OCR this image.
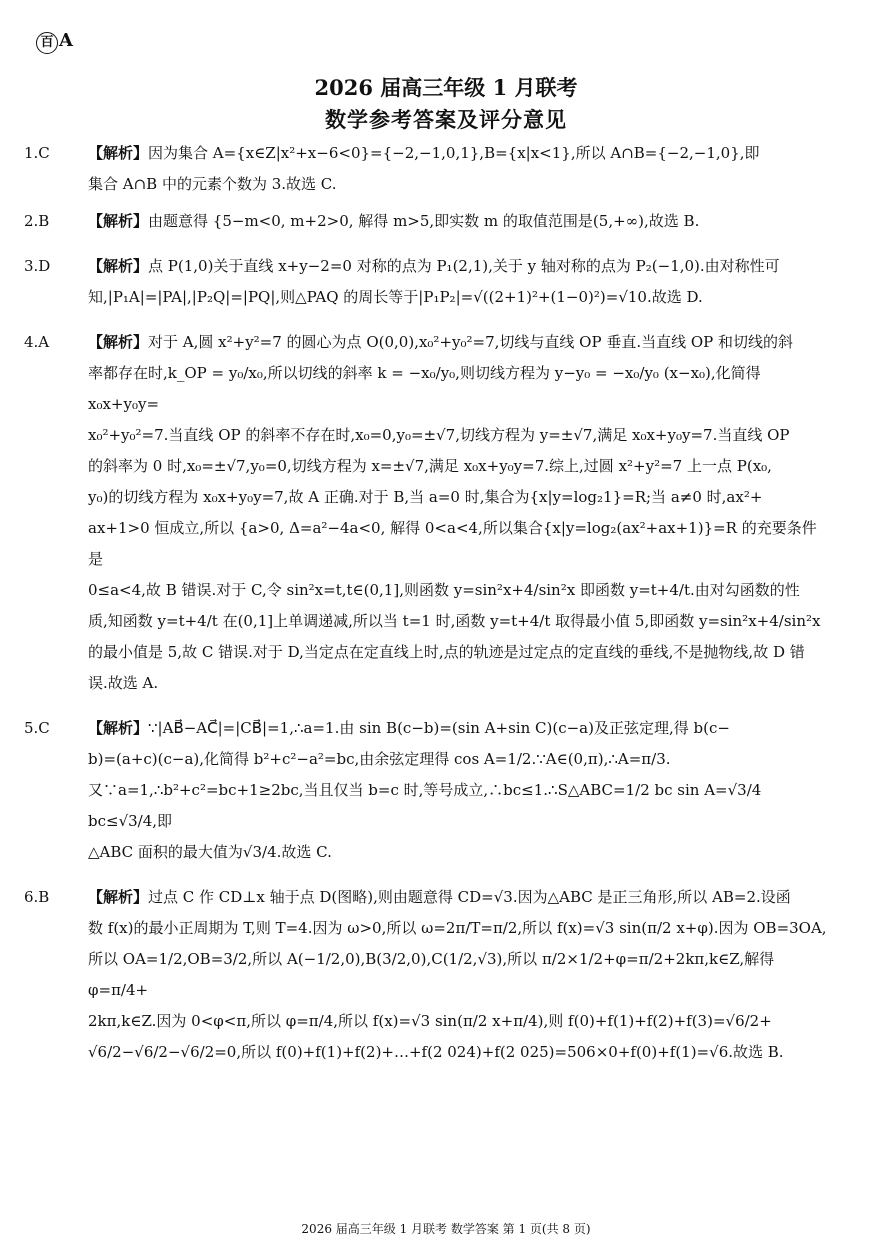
百 A
2026 届高三年级 1 月联考
数学参考答案及评分意见
1.C	【解析】因为集合 A={x∈Z|x²+x−6<0}={−2,−1,0,1},B={x|x<1},所以 A∩B={−2,−1,0},即

集合 A∩B 中的元素个数为 3.故选 C.

2.B	【解析】由题意得 {5−m<0, m+2>0, 解得 m>5,即实数 m 的取值范围是(5,+∞),故选 B.

3.D	【解析】点 P(1,0)关于直线 x+y−2=0 对称的点为 P₁(2,1),关于 y 轴对称的点为 P₂(−1,0).由对称性可

知,|P₁A|=|PA|,|P₂Q|=|PQ|,则△PAQ 的周长等于|P₁P₂|=√((2+1)²+(1−0)²)=√10.故选 D.

4.A	【解析】对于 A,圆 x²+y²=7 的圆心为点 O(0,0),x₀²+y₀²=7,切线与直线 OP 垂直.当直线 OP 和切线的斜

率都存在时,k_OP = y₀/x₀,所以切线的斜率 k = −x₀/y₀,则切线方程为 y−y₀ = −x₀/y₀ (x−x₀),化简得 x₀x+y₀y=

x₀²+y₀²=7.当直线 OP 的斜率不存在时,x₀=0,y₀=±√7,切线方程为 y=±√7,满足 x₀x+y₀y=7.当直线 OP

的斜率为 0 时,x₀=±√7,y₀=0,切线方程为 x=±√7,满足 x₀x+y₀y=7.综上,过圆 x²+y²=7 上一点 P(x₀,

y₀)的切线方程为 x₀x+y₀y=7,故 A 正确.对于 B,当 a=0 时,集合为{x|y=log₂1}=R;当 a≠0 时,ax²+

ax+1>0 恒成立,所以 {a>0, Δ=a²−4a<0, 解得 0<a<4,所以集合{x|y=log₂(ax²+ax+1)}=R 的充要条件是

0≤a<4,故 B 错误.对于 C,令 sin²x=t,t∈(0,1],则函数 y=sin²x+4/sin²x 即函数 y=t+4/t.由对勾函数的性

质,知函数 y=t+4/t 在(0,1]上单调递减,所以当 t=1 时,函数 y=t+4/t 取得最小值 5,即函数 y=sin²x+4/sin²x

的最小值是 5,故 C 错误.对于 D,当定点在定直线上时,点的轨迹是过定点的定直线的垂线,不是抛物线,故 D 错

误.故选 A.

5.C	【解析】∵|AB⃗−AC⃗|=|CB⃗|=1,∴a=1.由 sin B(c−b)=(sin A+sin C)(c−a)及正弦定理,得 b(c−

b)=(a+c)(c−a),化简得 b²+c²−a²=bc,由余弦定理得 cos A=1/2.∵A∈(0,π),∴A=π/3.

又∵a=1,∴b²+c²=bc+1≥2bc,当且仅当 b=c 时,等号成立,∴bc≤1.∴S△ABC=1/2 bc sin A=√3/4 bc≤√3/4,即

△ABC 面积的最大值为√3/4.故选 C.

6.B	【解析】过点 C 作 CD⊥x 轴于点 D(图略),则由题意得 CD=√3.因为△ABC 是正三角形,所以 AB=2.设函

数 f(x)的最小正周期为 T,则 T=4.因为 ω>0,所以 ω=2π/T=π/2,所以 f(x)=√3 sin(π/2 x+φ).因为 OB=3OA,

所以 OA=1/2,OB=3/2,所以 A(−1/2,0),B(3/2,0),C(1/2,√3),所以 π/2×1/2+φ=π/2+2kπ,k∈Z,解得 φ=π/4+

2kπ,k∈Z.因为 0<φ<π,所以 φ=π/4,所以 f(x)=√3 sin(π/2 x+π/4),则 f(0)+f(1)+f(2)+f(3)=√6/2+

√6/2−√6/2−√6/2=0,所以 f(0)+f(1)+f(2)+…+f(2 024)+f(2 025)=506×0+f(0)+f(1)=√6.故选 B.

2026 届高三年级 1 月联考 数学答案 第 1 页(共 8 页)
